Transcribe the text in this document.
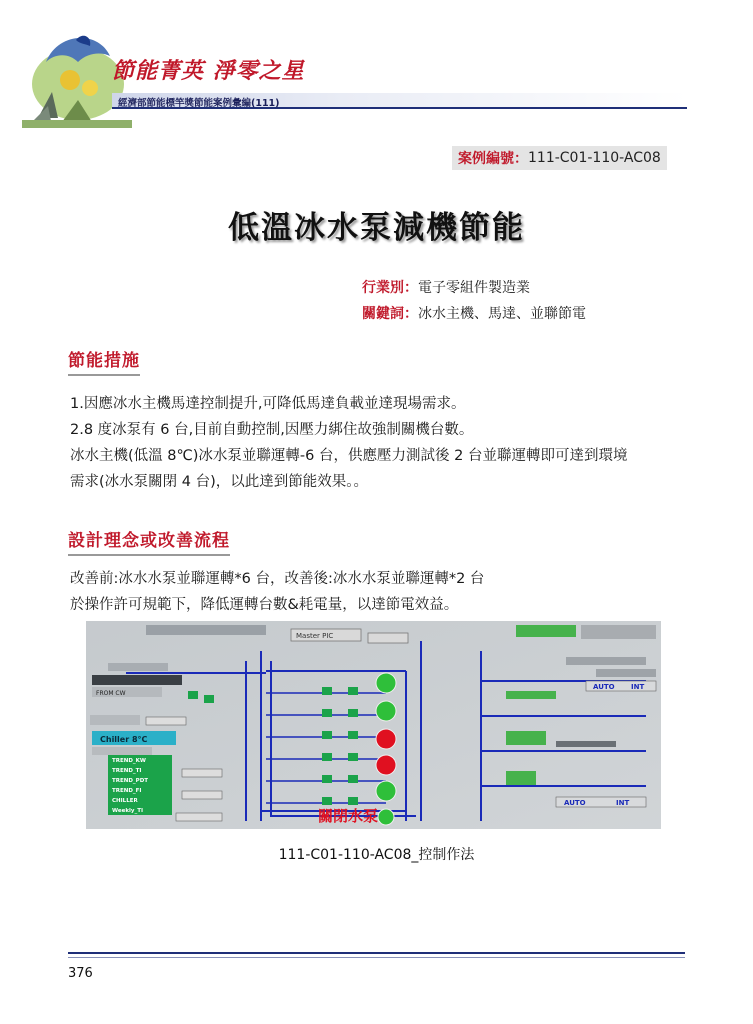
節能菁英 淨零之星
經濟部節能標竿獎節能案例彙編(111)
案例編號： 111-C01-110-AC08
低溫冰水泵減機節能
行業別：電子零組件製造業
關鍵詞：冰水主機、馬達、並聯節電
節能措施
1.因應冰水主機馬達控制提升,可降低馬達負載並達現場需求。
2.8 度冰泵有 6 台,目前自動控制,因壓力綁住故強制關機台數。
冰水主機(低溫 8℃)冰水泵並聯運轉-6 台，供應壓力測試後 2 台並聯運轉即可達到環境
需求(冰水泵關閉 4 台)，以此達到節能效果。。
設計理念或改善流程
改善前:冰水水泵並聯運轉*6 台，改善後:冰水水泵並聯運轉*2 台
於操作許可規範下，降低運轉台數&耗電量，以達節電效益。
Master PIC
FROM CW
Chiller 8°C
TREND_KW
TREND_TI
TREND_PDT
TREND_FI
CHILLER
Weekly_TI
AUTO INT
AUTO	INT
關閉水泵
111-C01-110-AC08_控制作法
376
